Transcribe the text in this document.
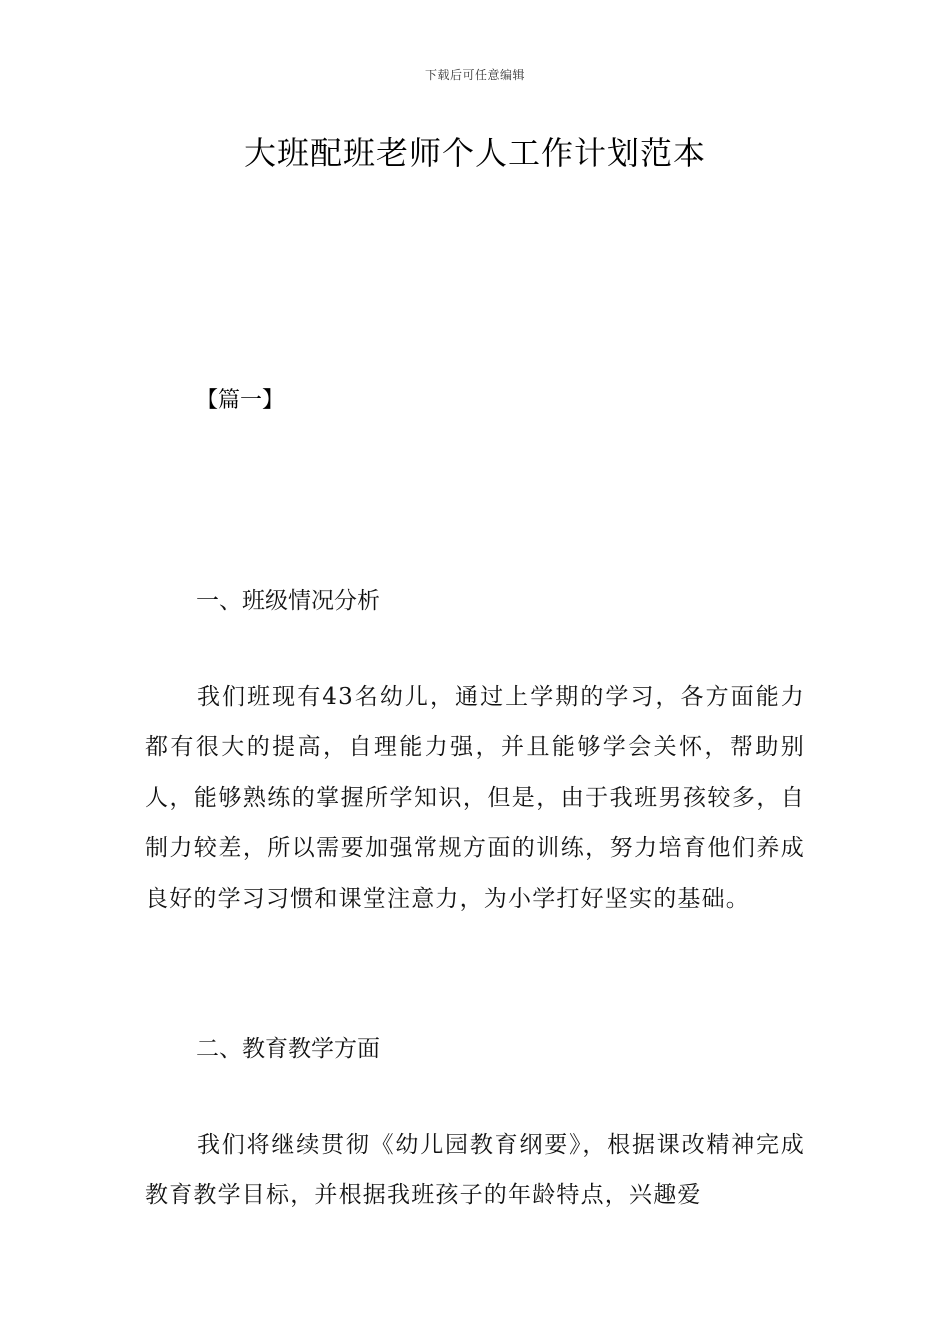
下载后可任意编辑
大班配班老师个人工作计划范本
【篇一】
一、班级情况分析

我们班现有43名幼儿，通过上学期的学习，各方面能力都有很大的提高，自理能力强，并且能够学会关怀，帮助别人，能够熟练的掌握所学知识，但是，由于我班男孩较多，自制力较差，所以需要加强常规方面的训练，努力培育他们养成良好的学习习惯和课堂注意力，为小学打好坚实的基础。

二、教育教学方面

我们将继续贯彻《幼儿园教育纲要》，根据课改精神完成教育教学目标，并根据我班孩子的年龄特点，兴趣爱
